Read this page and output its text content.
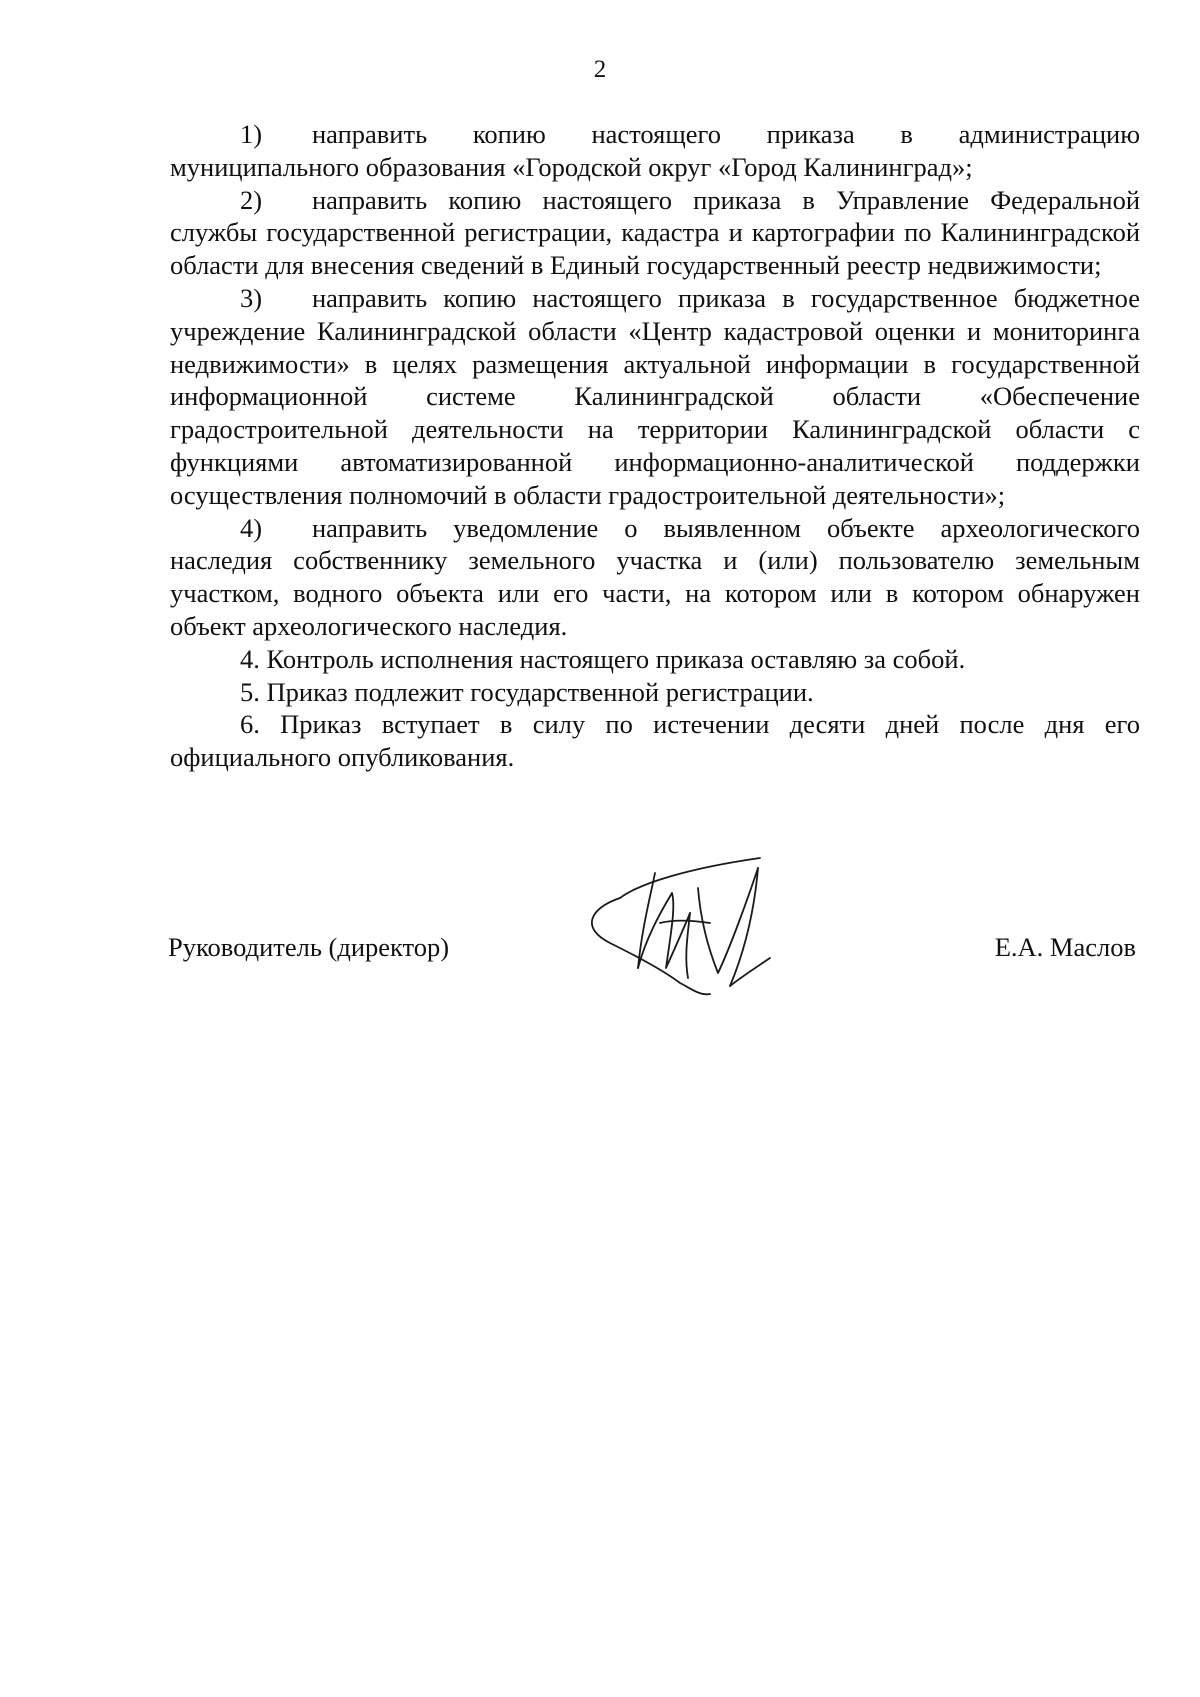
2

1) направить копию настоящего приказа в администрацию муниципального образования «Городской округ «Город Калининград»;

2) направить копию настоящего приказа в Управление Федеральной службы государственной регистрации, кадастра и картографии по Калининградской области для внесения сведений в Единый государственный реестр недвижимости;

3) направить копию настоящего приказа в государственное бюджетное учреждение Калининградской области «Центр кадастровой оценки и мониторинга недвижимости» в целях размещения актуальной информации в государственной информационной системе Калининградской области «Обеспечение градостроительной деятельности на территории Калининградской области с функциями автоматизированной информационно-аналитической поддержки осуществления полномочий в области градостроительной деятельности»;

4) направить уведомление о выявленном объекте археологического наследия собственнику земельного участка и (или) пользователю земельным участком, водного объекта или его части, на котором или в котором обнаружен объект археологического наследия.

4. Контроль исполнения настоящего приказа оставляю за собой.

5. Приказ подлежит государственной регистрации.

6. Приказ вступает в силу по истечении десяти дней после дня его официального опубликования.

Руководитель (директор)	Е.А. Маслов
